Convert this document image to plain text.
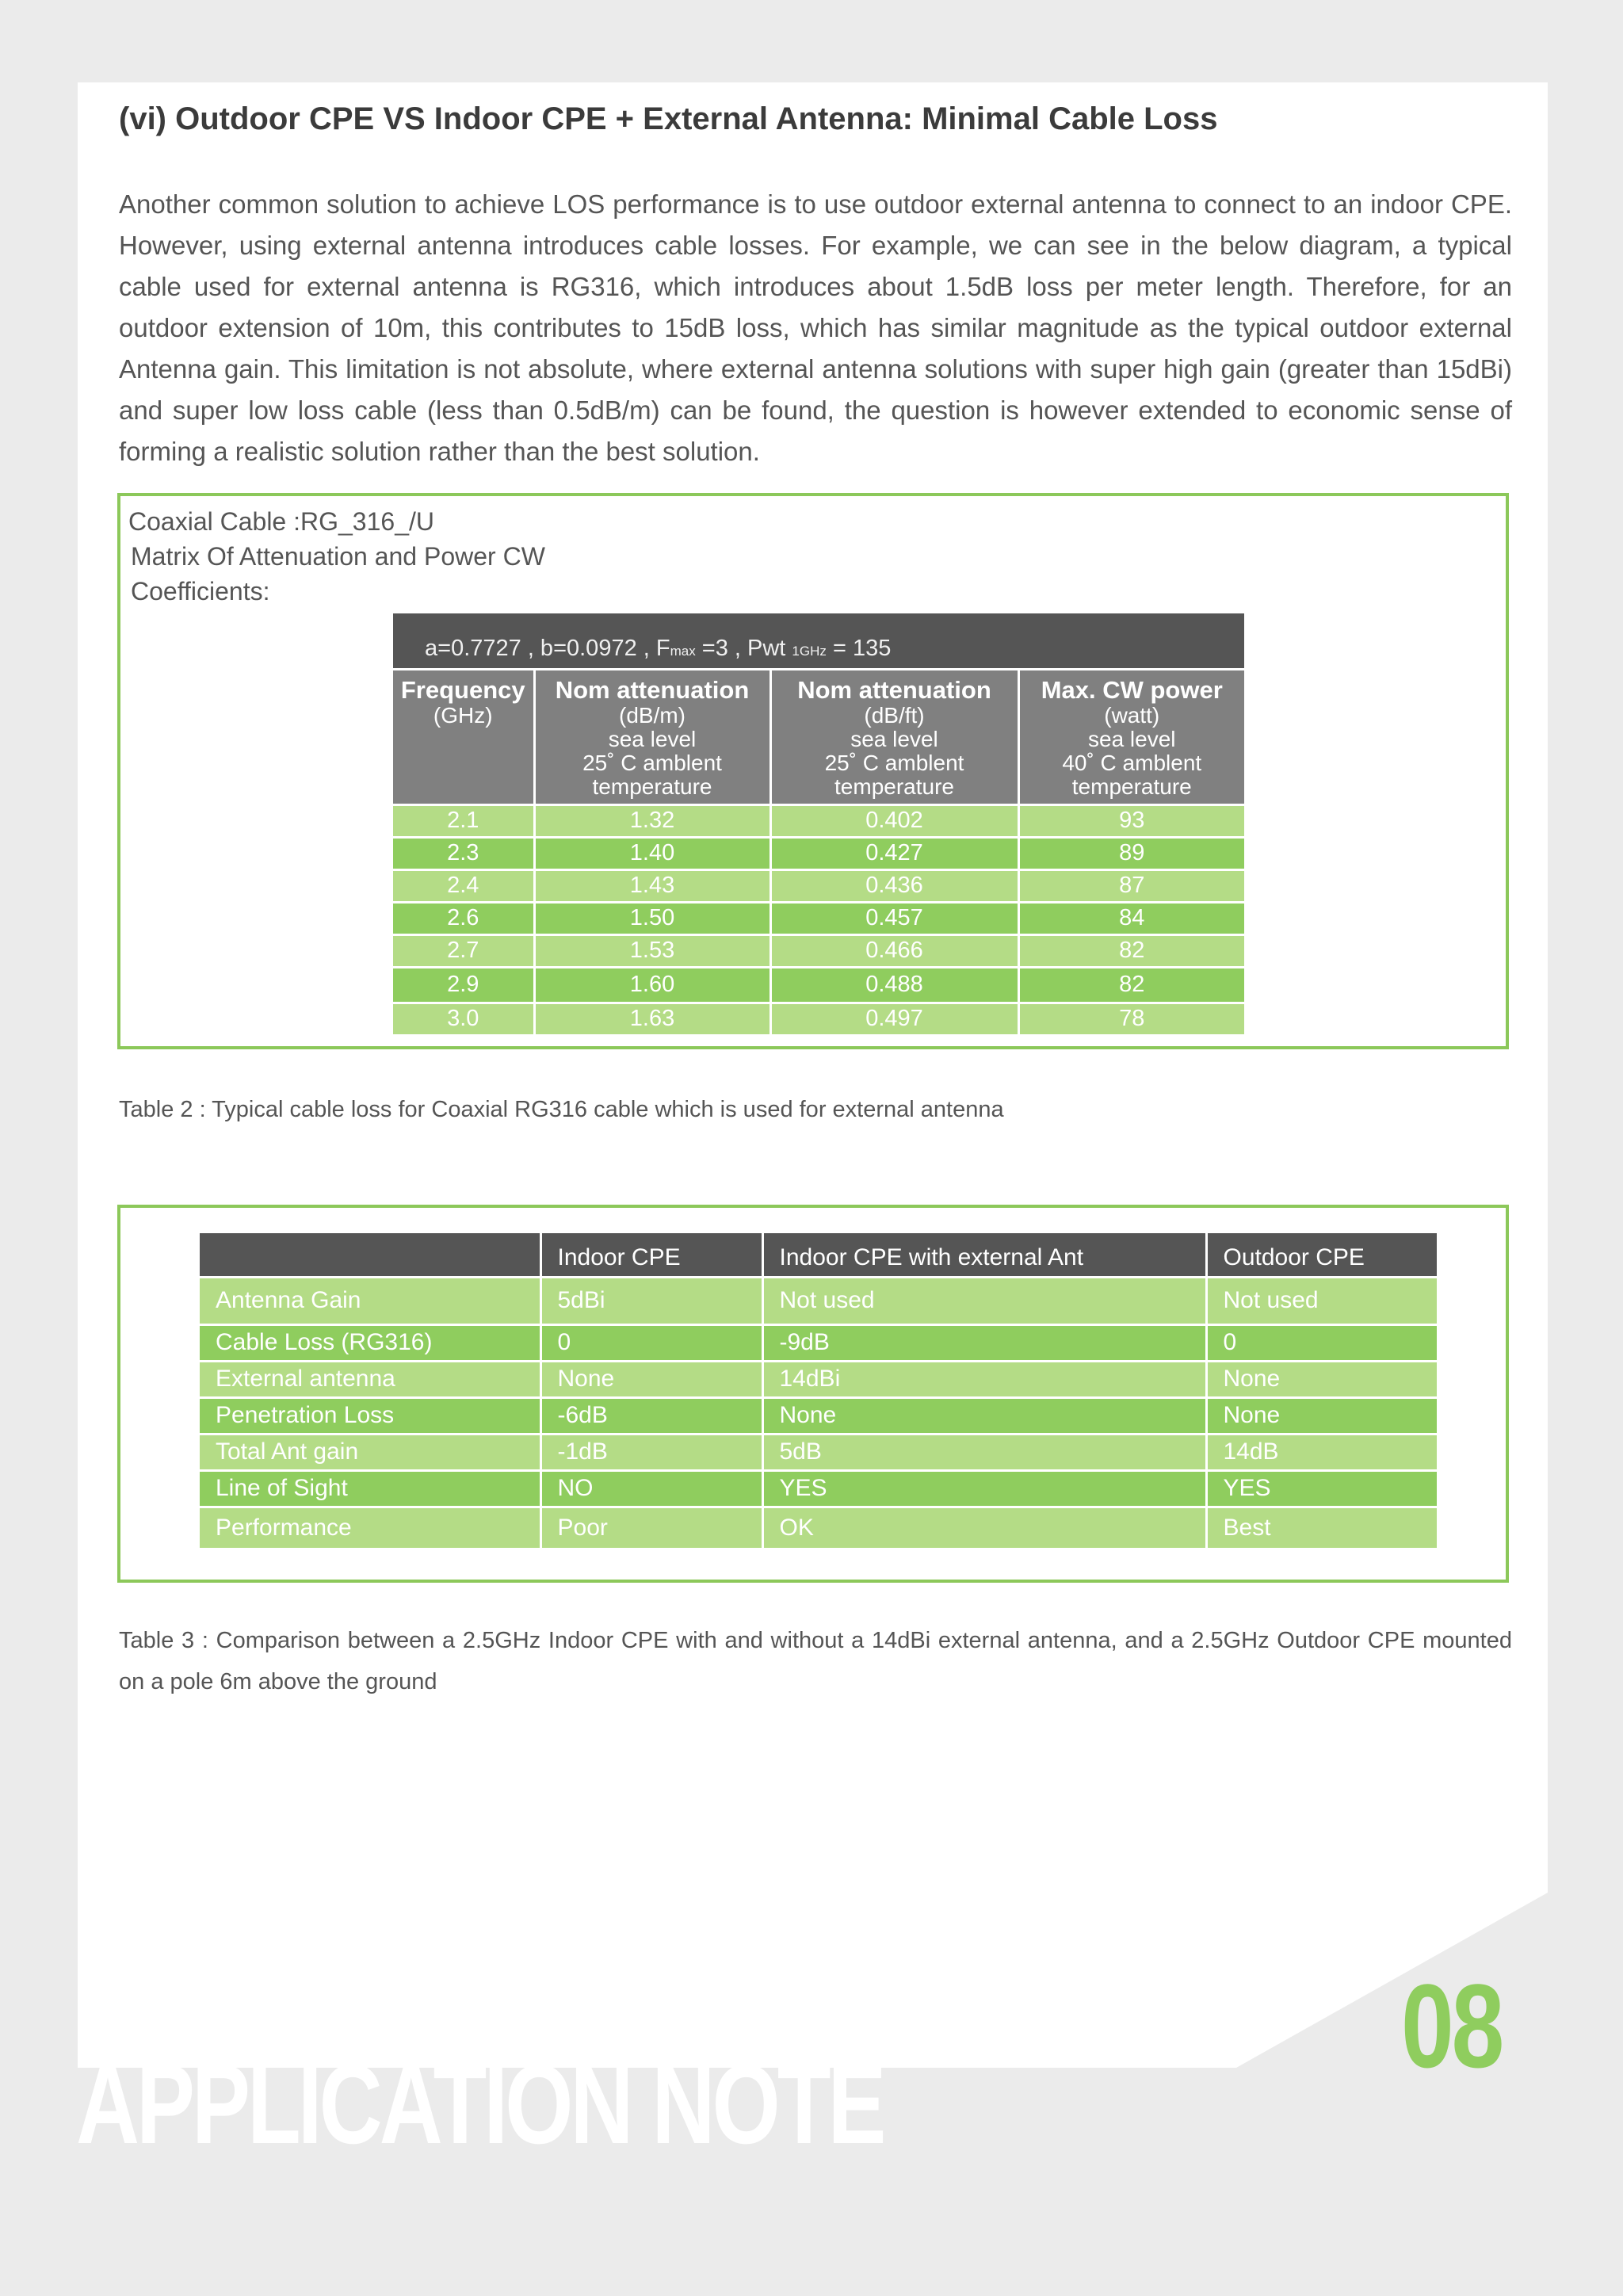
(vi) Outdoor CPE VS Indoor CPE + External Antenna: Minimal Cable Loss

Another common solution to achieve LOS performance is to use outdoor external antenna to connect to an indoor CPE. However, using external antenna introduces cable losses. For example, we can see in the below diagram, a typical cable used for external antenna is RG316, which introduces about 1.5dB loss per meter length. Therefore, for an outdoor extension of 10m, this contributes to 15dB loss, which has similar magnitude as the typical outdoor external Antenna gain. This limitation is not absolute, where external antenna solutions with super high gain (greater than 15dBi) and super low loss cable (less than 0.5dB/m) can be found, the question is however extended to economic sense of forming a realistic solution rather than the best solution.

Coaxial Cable :RG_316_/U
Matrix Of Attenuation and Power CW
Coefficients:
a=0.7727 , b=0.0972 , Fmax =3 , Pwt 1GHz = 135			

Frequency
(GHz)	Nom attenuation
(dB/m)
sea level
25˚ C amblent
temperature	Nom attenuation
(dB/ft)
sea level
25˚ C amblent
temperature	Max. CW power
(watt)
sea level
40˚ C amblent
temperature
2.1	1.32	0.402	93
2.3	1.40	0.427	89
2.4	1.43	0.436	87
2.6	1.50	0.457	84
2.7	1.53	0.466	82
2.9	1.60	0.488	82
3.0	1.63	0.497	78

Table 2 : Typical cable loss for Coaxial RG316 cable which is used for external antenna

	Indoor CPE	Indoor CPE with external Ant	Outdoor CPE
Antenna Gain	5dBi	Not used	Not used
Cable Loss (RG316)	0	-9dB	0
External antenna	None	14dBi	None
Penetration Loss	-6dB	None	None
Total Ant gain	-1dB	5dB	14dB
Line of Sight	NO	YES	YES
Performance	Poor	OK	Best

Table 3 : Comparison between a 2.5GHz Indoor CPE with and without a 14dBi external antenna, and a 2.5GHz Outdoor CPE mounted on a pole 6m above the ground

08
APPLICATION NOTE
